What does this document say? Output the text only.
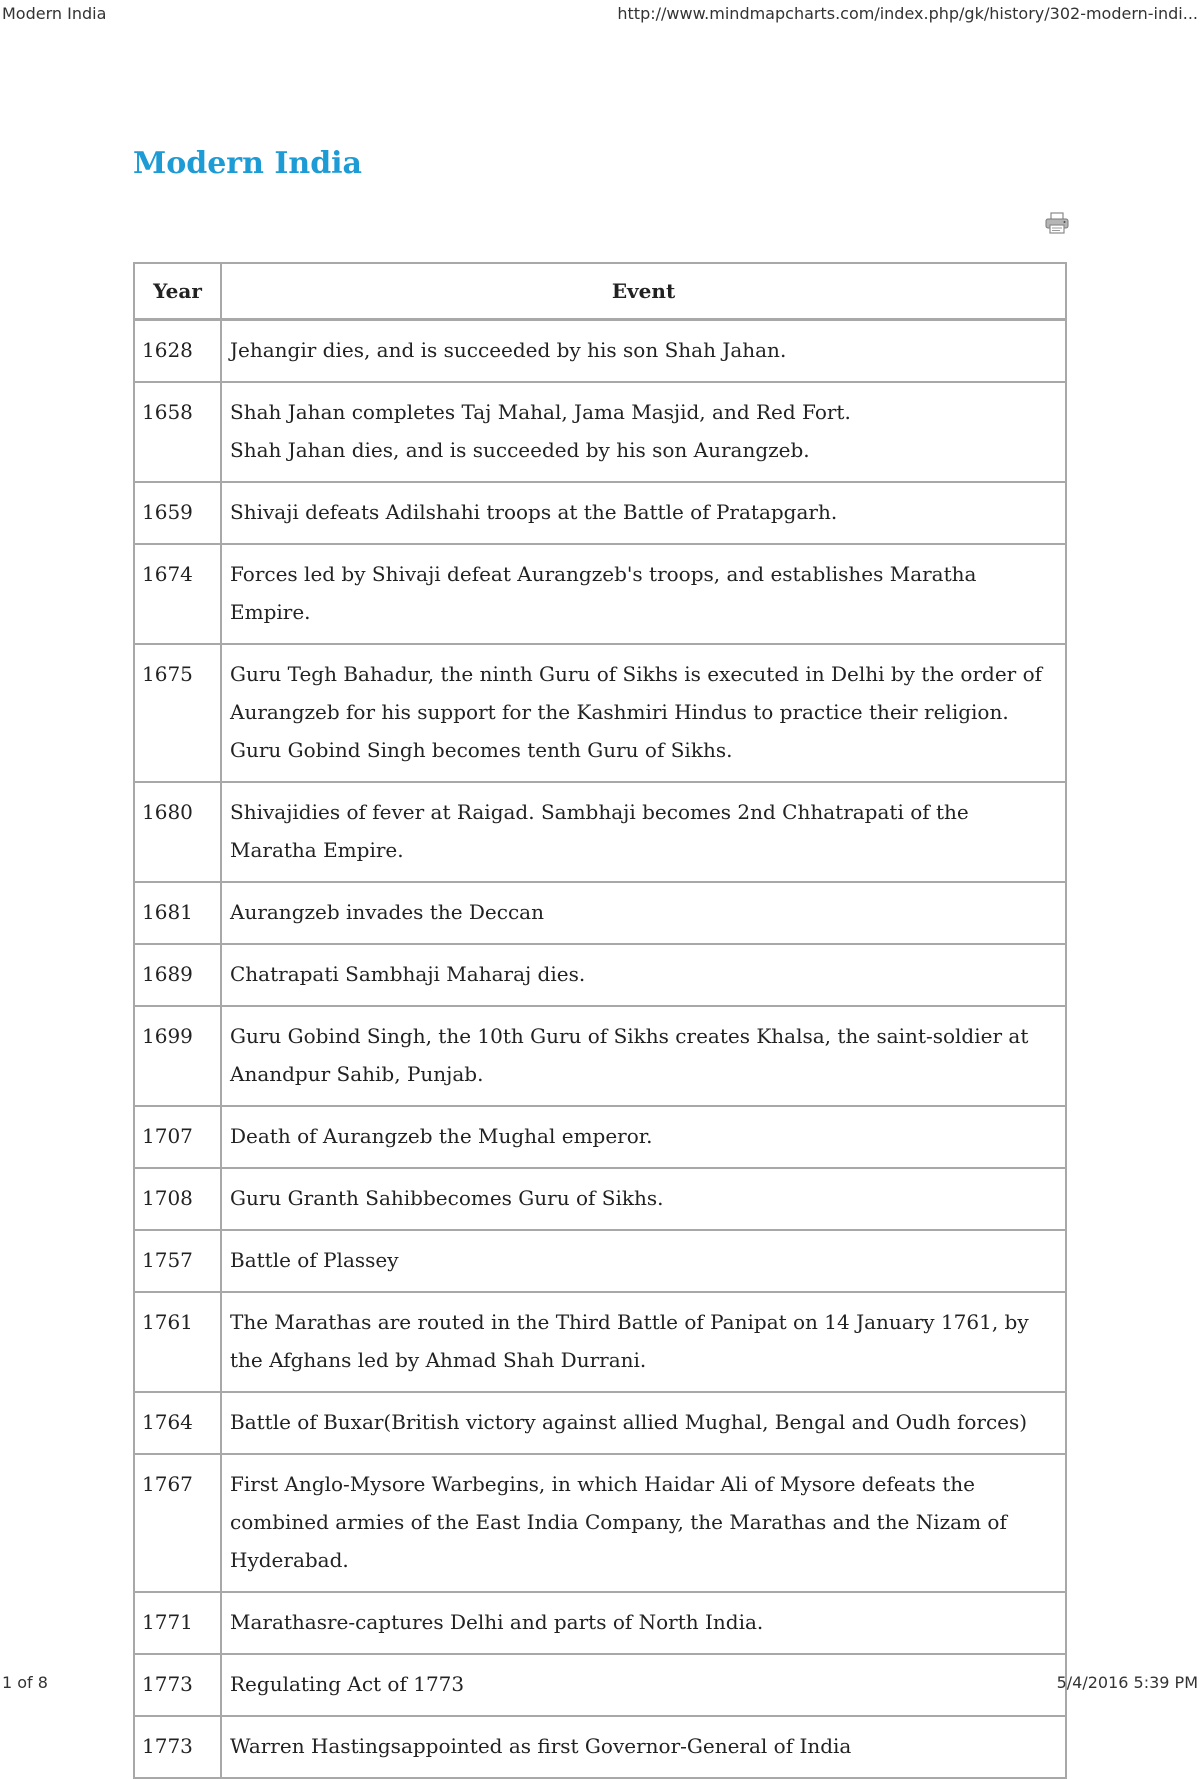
Modern India	http://www.mindmapcharts.com/index.php/gk/history/302-modern-indi...
Modern India
Year	Event
1628	Jehangir dies, and is succeeded by his son Shah Jahan.

1658	Shah Jahan completes Taj Mahal, Jama Masjid, and Red Fort.
Shah Jahan dies, and is succeeded by his son Aurangzeb.

1659	Shivaji defeats Adilshahi troops at the Battle of Pratapgarh.

1674	Forces led by Shivaji defeat Aurangzeb's troops, and establishes Maratha Empire.

1675	Guru Tegh Bahadur, the ninth Guru of Sikhs is executed in Delhi by the order of Aurangzeb for his support for the Kashmiri Hindus to practice their religion.
Guru Gobind Singh becomes tenth Guru of Sikhs.

1680	Shivajidies of fever at Raigad. Sambhaji becomes 2nd Chhatrapati of the Maratha Empire.

1681	Aurangzeb invades the Deccan

1689	Chatrapati Sambhaji Maharaj dies.

1699	Guru Gobind Singh, the 10th Guru of Sikhs creates Khalsa, the saint-soldier at Anandpur Sahib, Punjab.

1707	Death of Aurangzeb the Mughal emperor.

1708	Guru Granth Sahibbecomes Guru of Sikhs.

1757	Battle of Plassey

1761	The Marathas are routed in the Third Battle of Panipat on 14 January 1761, by the Afghans led by Ahmad Shah Durrani.

1764	Battle of Buxar(British victory against allied Mughal, Bengal and Oudh forces)

1767	First Anglo-Mysore Warbegins, in which Haidar Ali of Mysore defeats the combined armies of the East India Company, the Marathas and the Nizam of Hyderabad.

1771	Marathasre-captures Delhi and parts of North India.

1773	Regulating Act of 1773

1773	Warren Hastingsappointed as first Governor-General of India
1 of 8	5/4/2016 5:39 PM
